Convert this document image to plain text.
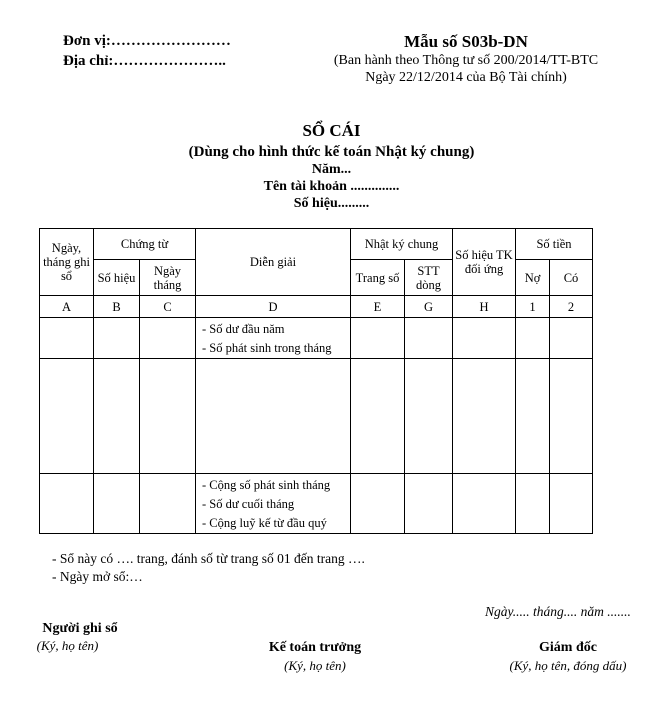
Đơn vị:……………………
Địa chỉ:…………………..
Mẫu số S03b-DN
(Ban hành theo Thông tư số 200/2014/TT-BTC
Ngày 22/12/2014 của Bộ Tài chính)
SỔ CÁI
(Dùng cho hình thức kế toán Nhật ký chung)
Năm...
Tên tài khoản ..............
Số hiệu.........
Ngày, tháng ghi sổ	Chứng từ		Diễn giải	Nhật ký chung		Số hiệu TK đối ứng	Số tiền	
	Số hiệu	Ngày tháng		Trang số	STT dòng		Nợ	Có
A	B	C	D	E	G	H	1	2

			- Số dư đầu năm
- Số phát sinh trong tháng					

			- Cộng số phát sinh tháng
- Số dư cuối tháng
- Cộng luỹ kế từ đầu quý					

- Sổ này có …. trang, đánh số từ trang số 01 đến trang ….
- Ngày mở sổ:…
Ngày..... tháng.... năm .......
Người ghi sổ
(Ký, họ tên)	Kế toán trưởng
(Ký, họ tên)
Giám đốc
(Ký, họ tên, đóng dấu)
